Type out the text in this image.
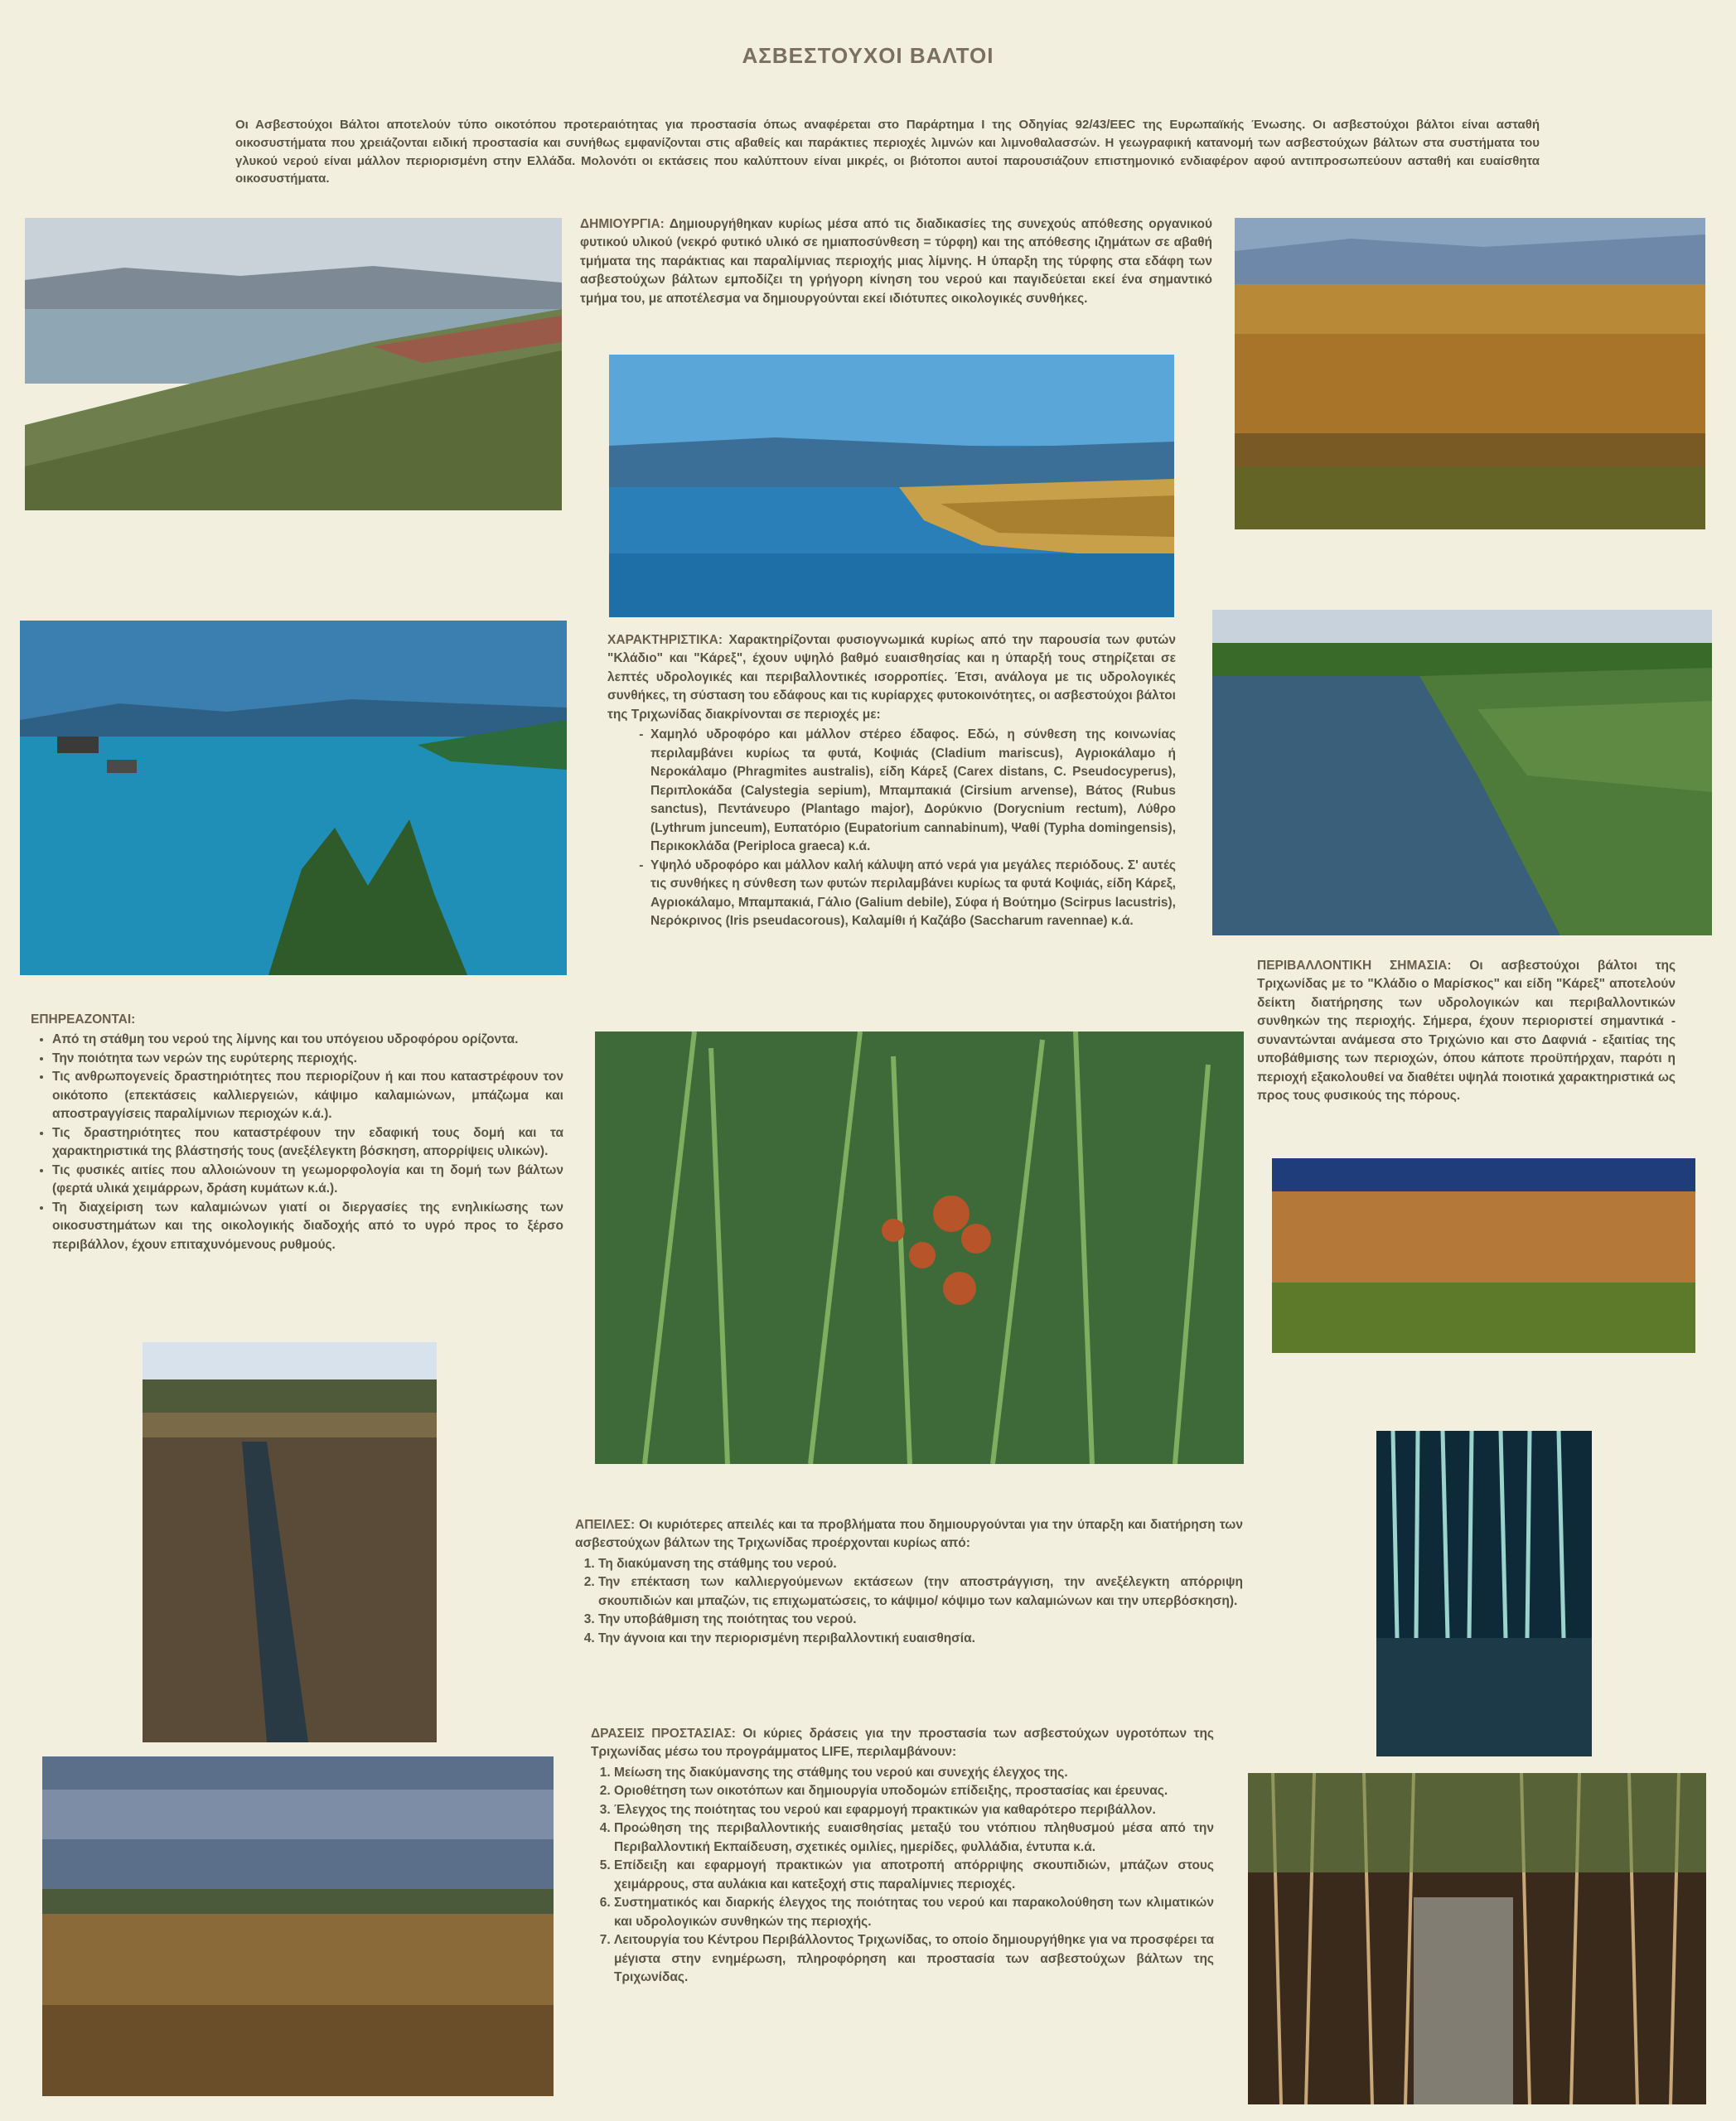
ΑΣΒΕΣΤΟΥΧΟΙ ΒΑΛΤΟΙ
Οι Ασβεστούχοι Βάλτοι αποτελούν τύπο οικοτόπου προτεραιότητας για προστασία όπως αναφέρεται στο Παράρτημα Ι της Οδηγίας 92/43/EEC της Ευρωπαϊκής Ένωσης. Οι ασβεστούχοι βάλτοι είναι ασταθή οικοσυστήματα που χρειάζονται ειδική προστασία και συνήθως εμφανίζονται στις αβαθείς και παράκτιες περιοχές λιμνών και λιμνοθαλασσών. Η γεωγραφική κατανομή των ασβεστούχων βάλτων στα συστήματα του γλυκού νερού είναι μάλλον περιορισμένη στην Ελλάδα. Μολονότι οι εκτάσεις που καλύπτουν είναι μικρές, οι βιότοποι αυτοί παρουσιάζουν επιστημονικό ενδιαφέρον αφού αντιπροσωπεύουν ασταθή και ευαίσθητα οικοσυστήματα.
ΔΗΜΙΟΥΡΓΙΑ: Δημιουργήθηκαν κυρίως μέσα από τις διαδικασίες της συνεχούς απόθεσης οργανικού φυτικού υλικού (νεκρό φυτικό υλικό σε ημιαποσύνθεση = τύρφη) και της απόθεσης ιζημάτων σε αβαθή τμήματα της παράκτιας και παραλίμνιας περιοχής μιας λίμνης. Η ύπαρξη της τύρφης στα εδάφη των ασβεστούχων βάλτων εμποδίζει τη γρήγορη κίνηση του νερού και παγιδεύεται εκεί ένα σημαντικό τμήμα του, με αποτέλεσμα να δημιουργούνται εκεί ιδιότυπες οικολογικές συνθήκες.
ΧΑΡΑΚΤΗΡΙΣΤΙΚΑ: Χαρακτηρίζονται φυσιογνωμικά κυρίως από την παρουσία των φυτών "Κλάδιο" και "Κάρεξ", έχουν υψηλό βαθμό ευαισθησίας και η ύπαρξή τους στηρίζεται σε λεπτές υδρολογικές και περιβαλλοντικές ισορροπίες. Έτσι, ανάλογα με τις υδρολογικές συνθήκες, τη σύσταση του εδάφους και τις κυρίαρχες φυτοκοινότητες, οι ασβεστούχοι βάλτοι της Τριχωνίδας διακρίνονται σε περιοχές με:
- Χαμηλό υδροφόρο και μάλλον στέρεο έδαφος. Εδώ, η σύνθεση της κοινωνίας περιλαμβάνει κυρίως τα φυτά, Κοψιάς (Cladium mariscus), Αγριοκάλαμο ή Νεροκάλαμο (Phragmites australis), είδη Κάρεξ (Carex distans, C. Pseudocyperus), Περιπλοκάδα (Calystegia sepium), Μπαμπακιά (Cirsium arvense), Βάτος (Rubus sanctus), Πεντάνευρο (Plantago major), Δορύκνιο (Dorycnium rectum), Λύθρο (Lythrum junceum), Ευπατόριο (Eupatorium cannabinum), Ψαθί (Typha domingensis), Περικοκλάδα (Periploca graeca) κ.ά.
- Υψηλό υδροφόρο και μάλλον καλή κάλυψη από νερά για μεγάλες περιόδους. Σ' αυτές τις συνθήκες η σύνθεση των φυτών περιλαμβάνει κυρίως τα φυτά Κοψιάς, είδη Κάρεξ, Αγριοκάλαμο, Μπαμπακιά, Γάλιο (Galium debile), Σύφα ή Βούτημο (Scirpus lacustris), Νερόκρινος (Iris pseudacorous), Καλαμίθι ή Καζάβο (Saccharum ravennae) κ.ά.
ΠΕΡΙΒΑΛΛΟΝΤΙΚΗ ΣΗΜΑΣΙΑ: Οι ασβεστούχοι βάλτοι της Τριχωνίδας με το "Κλάδιο ο Μαρίσκος" και είδη "Κάρεξ" αποτελούν δείκτη διατήρησης των υδρολογικών και περιβαλλοντικών συνθηκών της περιοχής. Σήμερα, έχουν περιοριστεί σημαντικά - συναντώνται ανάμεσα στο Τριχώνιο και στο Δαφνιά - εξαιτίας της υποβάθμισης των περιοχών, όπου κάποτε προϋπήρχαν, παρότι η περιοχή εξακολουθεί να διαθέτει υψηλά ποιοτικά χαρακτηριστικά ως προς τους φυσικούς της πόρους.
ΕΠΗΡΕΑΖΟΝΤΑΙ:
• Από τη στάθμη του νερού της λίμνης και του υπόγειου υδροφόρου ορίζοντα.
• Την ποιότητα των νερών της ευρύτερης περιοχής.
• Τις ανθρωπογενείς δραστηριότητες που περιορίζουν ή και που καταστρέφουν τον οικότοπο (επεκτάσεις καλλιεργειών, κάψιμο καλαμιώνων, μπάζωμα και αποστραγγίσεις παραλίμνιων περιοχών κ.ά.).
• Τις δραστηριότητες που καταστρέφουν την εδαφική τους δομή και τα χαρακτηριστικά της βλάστησής τους (ανεξέλεγκτη βόσκηση, απορρίψεις υλικών).
• Τις φυσικές αιτίες που αλλοιώνουν τη γεωμορφολογία και τη δομή των βάλτων (φερτά υλικά χειμάρρων, δράση κυμάτων κ.ά.).
• Τη διαχείριση των καλαμιώνων γιατί οι διεργασίες της ενηλικίωσης των οικοσυστημάτων και της οικολογικής διαδοχής από το υγρό προς το ξέρσο περιβάλλον, έχουν επιταχυνόμενους ρυθμούς.
ΑΠΕΙΛΕΣ: Οι κυριότερες απειλές και τα προβλήματα που δημιουργούνται για την ύπαρξη και διατήρηση των ασβεστούχων βάλτων της Τριχωνίδας προέρχονται κυρίως από:
1. Τη διακύμανση της στάθμης του νερού.
2. Την επέκταση των καλλιεργούμενων εκτάσεων (την αποστράγγιση, την ανεξέλεγκτη απόρριψη σκουπιδιών και μπαζών, τις επιχωματώσεις, το κάψιμο/ κόψιμο των καλαμιώνων και την υπερβόσκηση).
3. Την υποβάθμιση της ποιότητας του νερού.
4. Την άγνοια και την περιορισμένη περιβαλλοντική ευαισθησία.
ΔΡΑΣΕΙΣ ΠΡΟΣΤΑΣΙΑΣ: Οι κύριες δράσεις για την προστασία των ασβεστούχων υγροτόπων της Τριχωνίδας μέσω του προγράμματος LIFE, περιλαμβάνουν:
1. Μείωση της διακύμανσης της στάθμης του νερού και συνεχής έλεγχος της.
2. Οριοθέτηση των οικοτόπων και δημιουργία υποδομών επίδειξης, προστασίας και έρευνας.
3. Έλεγχος της ποιότητας του νερού και εφαρμογή πρακτικών για καθαρότερο περιβάλλον.
4. Προώθηση της περιβαλλοντικής ευαισθησίας μεταξύ του ντόπιου πληθυσμού μέσα από την Περιβαλλοντική Εκπαίδευση, σχετικές ομιλίες, ημερίδες, φυλλάδια, έντυπα κ.ά.
5. Επίδειξη και εφαρμογή πρακτικών για αποτροπή απόρριψης σκουπιδιών, μπάζων στους χειμάρρους, στα αυλάκια και κατεξοχή στις παραλίμνιες περιοχές.
6. Συστηματικός και διαρκής έλεγχος της ποιότητας του νερού και παρακολούθηση των κλιματικών και υδρολογικών συνθηκών της περιοχής.
7. Λειτουργία του Κέντρου Περιβάλλοντος Τριχωνίδας, το οποίο δημιουργήθηκε για να προσφέρει τα μέγιστα στην ενημέρωση, πληροφόρηση και προστασία των ασβεστούχων βάλτων της Τριχωνίδας.
